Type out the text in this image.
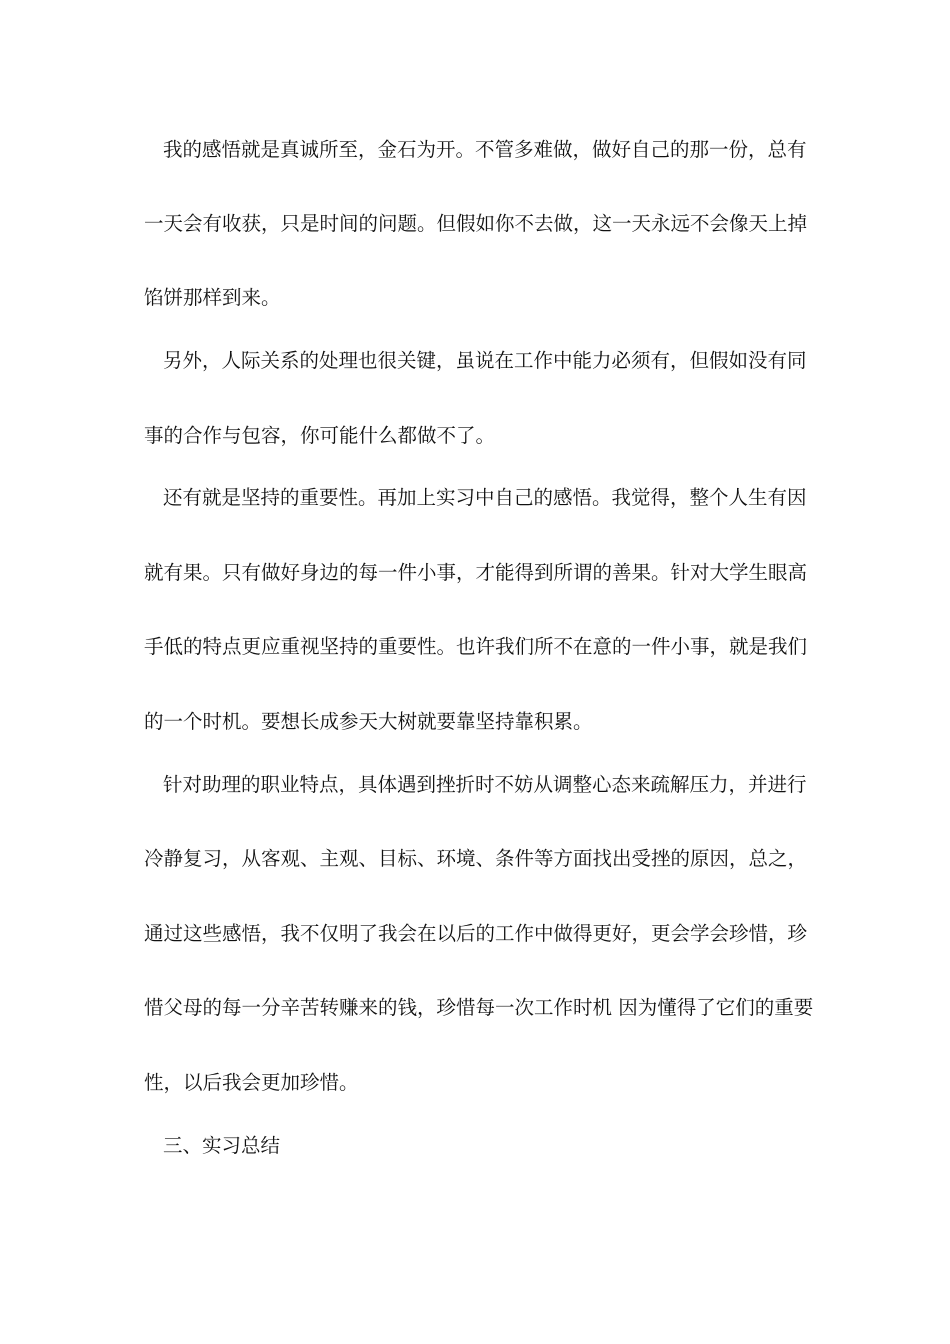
我的感悟就是真诚所至，金石为开。不管多难做，做好自己的那一份，总有
一天会有收获，只是时间的问题。但假如你不去做，这一天永远不会像天上掉
馅饼那样到来。
另外，人际关系的处理也很关键，虽说在工作中能力必须有，但假如没有同
事的合作与包容，你可能什么都做不了。
还有就是坚持的重要性。再加上实习中自己的感悟。我觉得，整个人生有因
就有果。只有做好身边的每一件小事，才能得到所谓的善果。针对大学生眼高
手低的特点更应重视坚持的重要性。也许我们所不在意的一件小事，就是我们
的一个时机。要想长成参天大树就要靠坚持靠积累。
针对助理的职业特点，具体遇到挫折时不妨从调整心态来疏解压力，并进行
冷静复习，从客观、主观、目标、环境、条件等方面找出受挫的原因，总之，
通过这些感悟，我不仅明了我会在以后的工作中做得更好，更会学会珍惜，珍
惜父母的每一分辛苦转赚来的钱，珍惜每一次工作时机 因为懂得了它们的重要
性，以后我会更加珍惜。
三、实习总结
